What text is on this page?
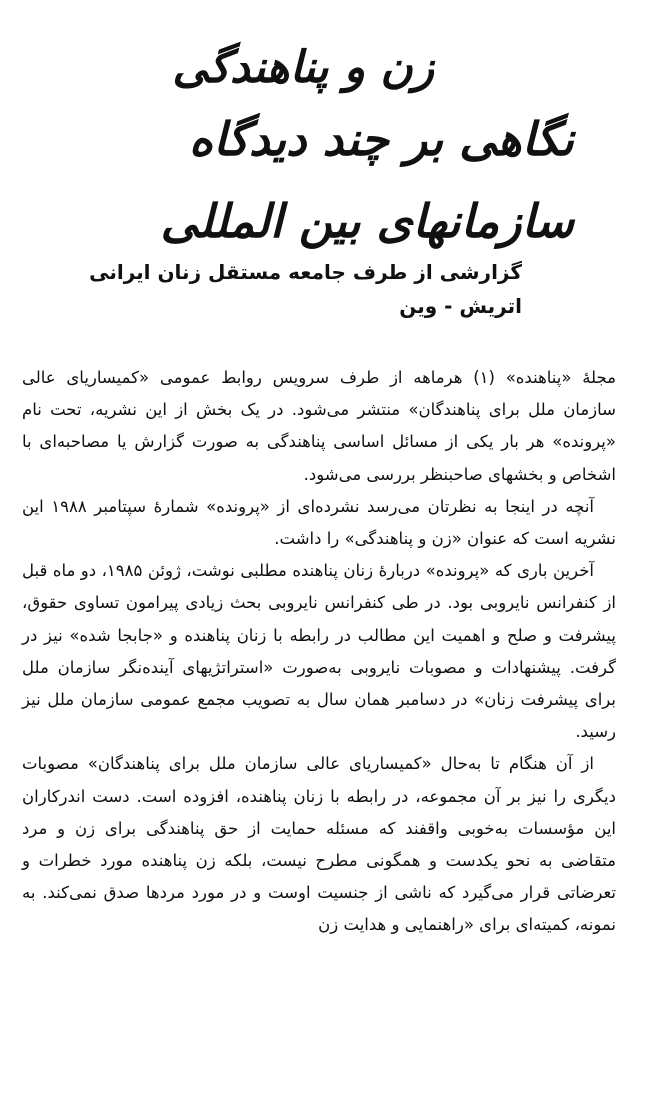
زن و پناهندگی
نگاهی بر چند دیدگاه سازمانهای بین المللی
گزارشی از طرف جامعه مستقل زنان ایرانی
اتریش - وین

مجلهٔ «پناهنده» (۱) هرماهه از طرف سرویس روابط عمومی «کمیساریای عالی سازمان ملل برای پناهندگان» منتشر می‌شود. در یک بخش از این نشریه، تحت نام «پرونده» هر بار یکی از مسائل اساسی پناهندگی به صورت گزارش یا مصاحبه‌ای با اشخاص و بخشهای صاحبنظر بررسی می‌شود.

آنچه در اینجا به نظرتان می‌رسد نشرده‌ای از «پرونده» شمارهٔ سپتامبر ۱۹۸۸ این نشریه است که عنوان «زن و پناهندگی» را داشت.

آخرین باری که «پرونده» دربارهٔ زنان پناهنده مطلبی نوشت، ژوئن ۱۹۸۵، دو ماه قبل از کنفرانس نایروبی بود. در طی کنفرانس نایروبی بحث زیادی پیرامون تساوی حقوق، پیشرفت و صلح و اهمیت این مطالب در رابطه با زنان پناهنده و «جابجا شده» نیز در گرفت. پیشنهادات و مصوبات نایروبی به‌صورت «استراتژیهای آینده‌نگر سازمان ملل برای پیشرفت زنان» در دسامبر همان سال به تصویب مجمع عمومی سازمان ملل نیز رسید.

از آن هنگام تا به‌حال «کمیساریای عالی سازمان ملل برای پناهندگان» مصوبات دیگری را نیز بر آن مجموعه، در رابطه با زنان پناهنده، افزوده است. دست اندرکاران این مؤسسات به‌خوبی واقفند که مسئله حمایت از حق پناهندگی برای زن و مرد متقاضی به نحو یکدست و همگونی مطرح نیست، بلکه زن پناهنده مورد خطرات و تعرضاتی قرار می‌گیرد که ناشی از جنسیت اوست و در مورد مردها صدق نمی‌کند. به نمونه، کمیته‌ای برای «راهنمایی و هدایت زن
